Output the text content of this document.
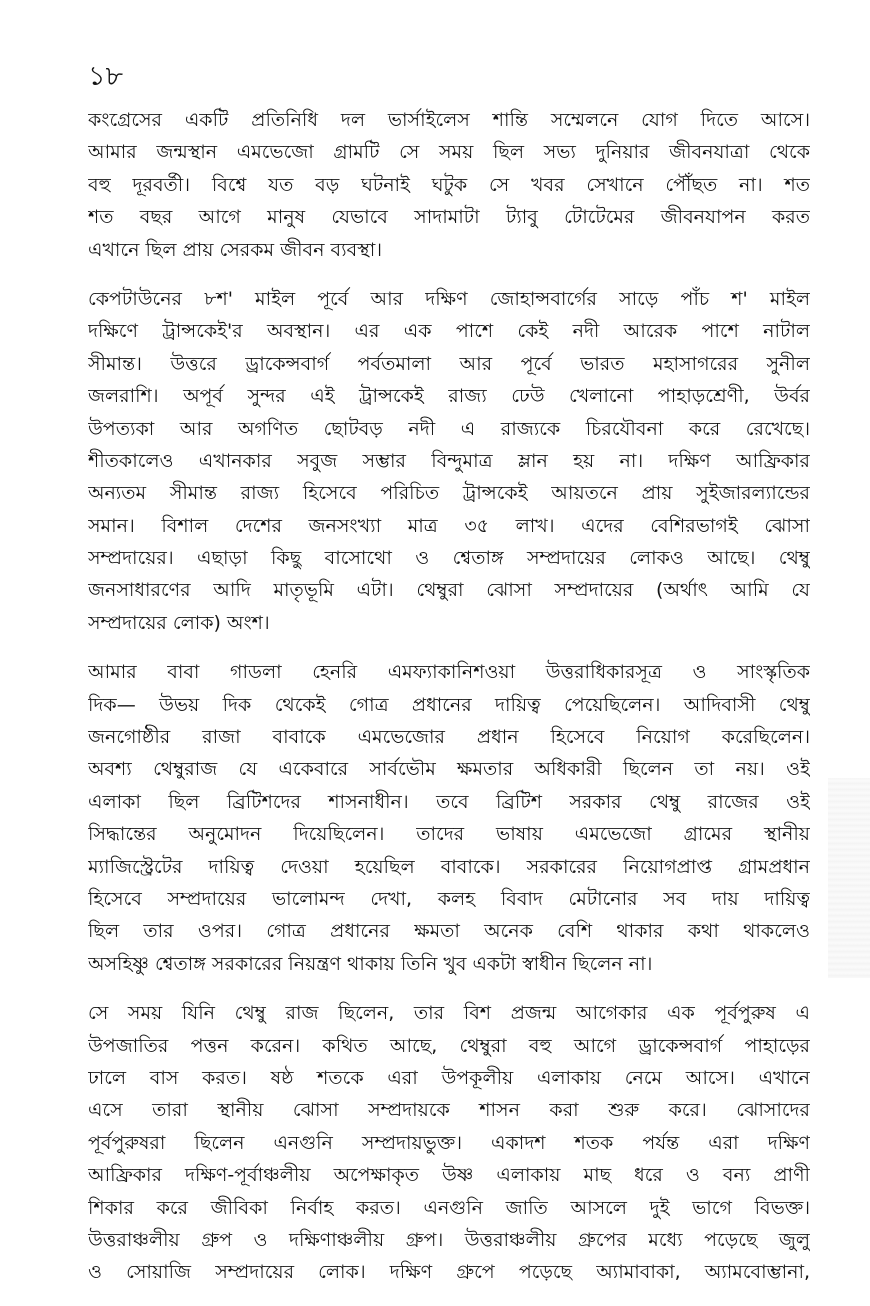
১৮
কংগ্রেসের একটি প্রতিনিধি দল ভার্সাইলেস শান্তি সম্মেলনে যোগ দিতে আসে।
আমার জন্মস্থান এমভেজো গ্রামটি সে সময় ছিল সভ্য দুনিয়ার জীবনযাত্রা থেকে
বহু দূরবর্তী। বিশ্বে যত বড় ঘটনাই ঘটুক সে খবর সেখানে পৌঁছত না। শত
শত বছর আগে মানুষ যেভাবে সাদামাটা ট্যাবু টোটেমের জীবনযাপন করত
এখানে ছিল প্রায় সেরকম জীবন ব্যবস্থা।
কেপটাউনের ৮শ' মাইল পূর্বে আর দক্ষিণ জোহান্সবার্গের সাড়ে পাঁচ শ' মাইল
দক্ষিণে ট্রান্সকেই'র অবস্থান। এর এক পাশে কেই নদী আরেক পাশে নাটাল
সীমান্ত। উত্তরে ড্রাকেন্সবার্গ পর্বতমালা আর পূর্বে ভারত মহাসাগরের সুনীল
জলরাশি। অপূর্ব সুন্দর এই ট্রান্সকেই রাজ্য ঢেউ খেলানো পাহাড়শ্রেণী, উর্বর
উপত্যকা আর অগণিত ছোটবড় নদী এ রাজ্যকে চিরযৌবনা করে রেখেছে।
শীতকালেও এখানকার সবুজ সম্ভার বিন্দুমাত্র ম্লান হয় না। দক্ষিণ আফ্রিকার
অন্যতম সীমান্ত রাজ্য হিসেবে পরিচিত ট্রান্সকেই আয়তনে প্রায় সুইজারল্যান্ডের
সমান। বিশাল দেশের জনসংখ্যা মাত্র ৩৫ লাখ। এদের বেশিরভাগই ঝোসা
সম্প্রদায়ের। এছাড়া কিছু বাসোথো ও শ্বেতাঙ্গ সম্প্রদায়ের লোকও আছে। থেম্বু
জনসাধারণের আদি মাতৃভূমি এটা। থেম্বুরা ঝোসা সম্প্রদায়ের (অর্থাৎ আমি যে
সম্প্রদায়ের লোক) অংশ।
আমার বাবা গাডলা হেনরি এমফ্যাকানিশওয়া উত্তরাধিকারসূত্র ও সাংস্কৃতিক
দিক— উভয় দিক থেকেই গোত্র প্রধানের দায়িত্ব পেয়েছিলেন। আদিবাসী থেম্বু
জনগোষ্ঠীর রাজা বাবাকে এমভেজোর প্রধান হিসেবে নিয়োগ করেছিলেন।
অবশ্য থেম্বুরাজ যে একেবারে সার্বভৌম ক্ষমতার অধিকারী ছিলেন তা নয়। ওই
এলাকা ছিল ব্রিটিশদের শাসনাধীন। তবে ব্রিটিশ সরকার থেম্বু রাজের ওই
সিদ্ধান্তের অনুমোদন দিয়েছিলেন। তাদের ভাষায় এমভেজো গ্রামের স্থানীয়
ম্যাজিস্ট্রেটের দায়িত্ব দেওয়া হয়েছিল বাবাকে। সরকারের নিয়োগপ্রাপ্ত গ্রামপ্রধান
হিসেবে সম্প্রদায়ের ভালোমন্দ দেখা, কলহ বিবাদ মেটানোর সব দায় দায়িত্ব
ছিল তার ওপর। গোত্র প্রধানের ক্ষমতা অনেক বেশি থাকার কথা থাকলেও
অসহিষ্ণু শ্বেতাঙ্গ সরকারের নিয়ন্ত্রণ থাকায় তিনি খুব একটা স্বাধীন ছিলেন না।
সে সময় যিনি থেম্বু রাজ ছিলেন, তার বিশ প্রজন্ম আগেকার এক পূর্বপুরুষ এ
উপজাতির পত্তন করেন। কথিত আছে, থেম্বুরা বহু আগে ড্রাকেন্সবার্গ পাহাড়ের
ঢালে বাস করত। ষষ্ঠ শতকে এরা উপকূলীয় এলাকায় নেমে আসে। এখানে
এসে তারা স্থানীয় ঝোসা সম্প্রদায়কে শাসন করা শুরু করে। ঝোসাদের
পূর্বপুরুষরা ছিলেন এনগুনি সম্প্রদায়ভুক্ত। একাদশ শতক পর্যন্ত এরা দক্ষিণ
আফ্রিকার দক্ষিণ-পূর্বাঞ্চলীয় অপেক্ষাকৃত উষ্ণ এলাকায় মাছ ধরে ও বন্য প্রাণী
শিকার করে জীবিকা নির্বাহ করত। এনগুনি জাতি আসলে দুই ভাগে বিভক্ত।
উত্তরাঞ্চলীয় গ্রুপ ও দক্ষিণাঞ্চলীয় গ্রুপ। উত্তরাঞ্চলীয় গ্রুপের মধ্যে পড়েছে জুলু
ও সোয়াজি সম্প্রদায়ের লোক। দক্ষিণ গ্রুপে পড়েছে অ্যামাবাকা, অ্যামবোম্ভানা,
